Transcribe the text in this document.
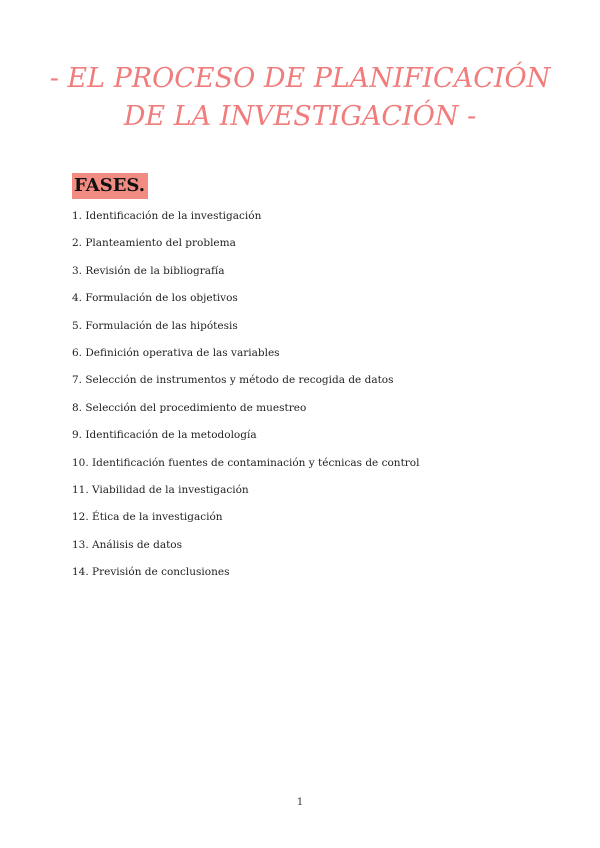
- EL PROCESO DE PLANIFICACIÓN
DE LA INVESTIGACIÓN -
FASES.
1. Identificación de la investigación
2. Planteamiento del problema
3. Revisión de la bibliografía
4. Formulación de los objetivos
5. Formulación de las hipótesis
6. Definición operativa de las variables
7. Selección de instrumentos y método de recogida de datos
8. Selección del procedimiento de muestreo
9. Identificación de la metodología
10. Identificación fuentes de contaminación y técnicas de control
11. Viabilidad de la investigación
12. Ética de la investigación
13. Análisis de datos
14. Previsión de conclusiones
1
